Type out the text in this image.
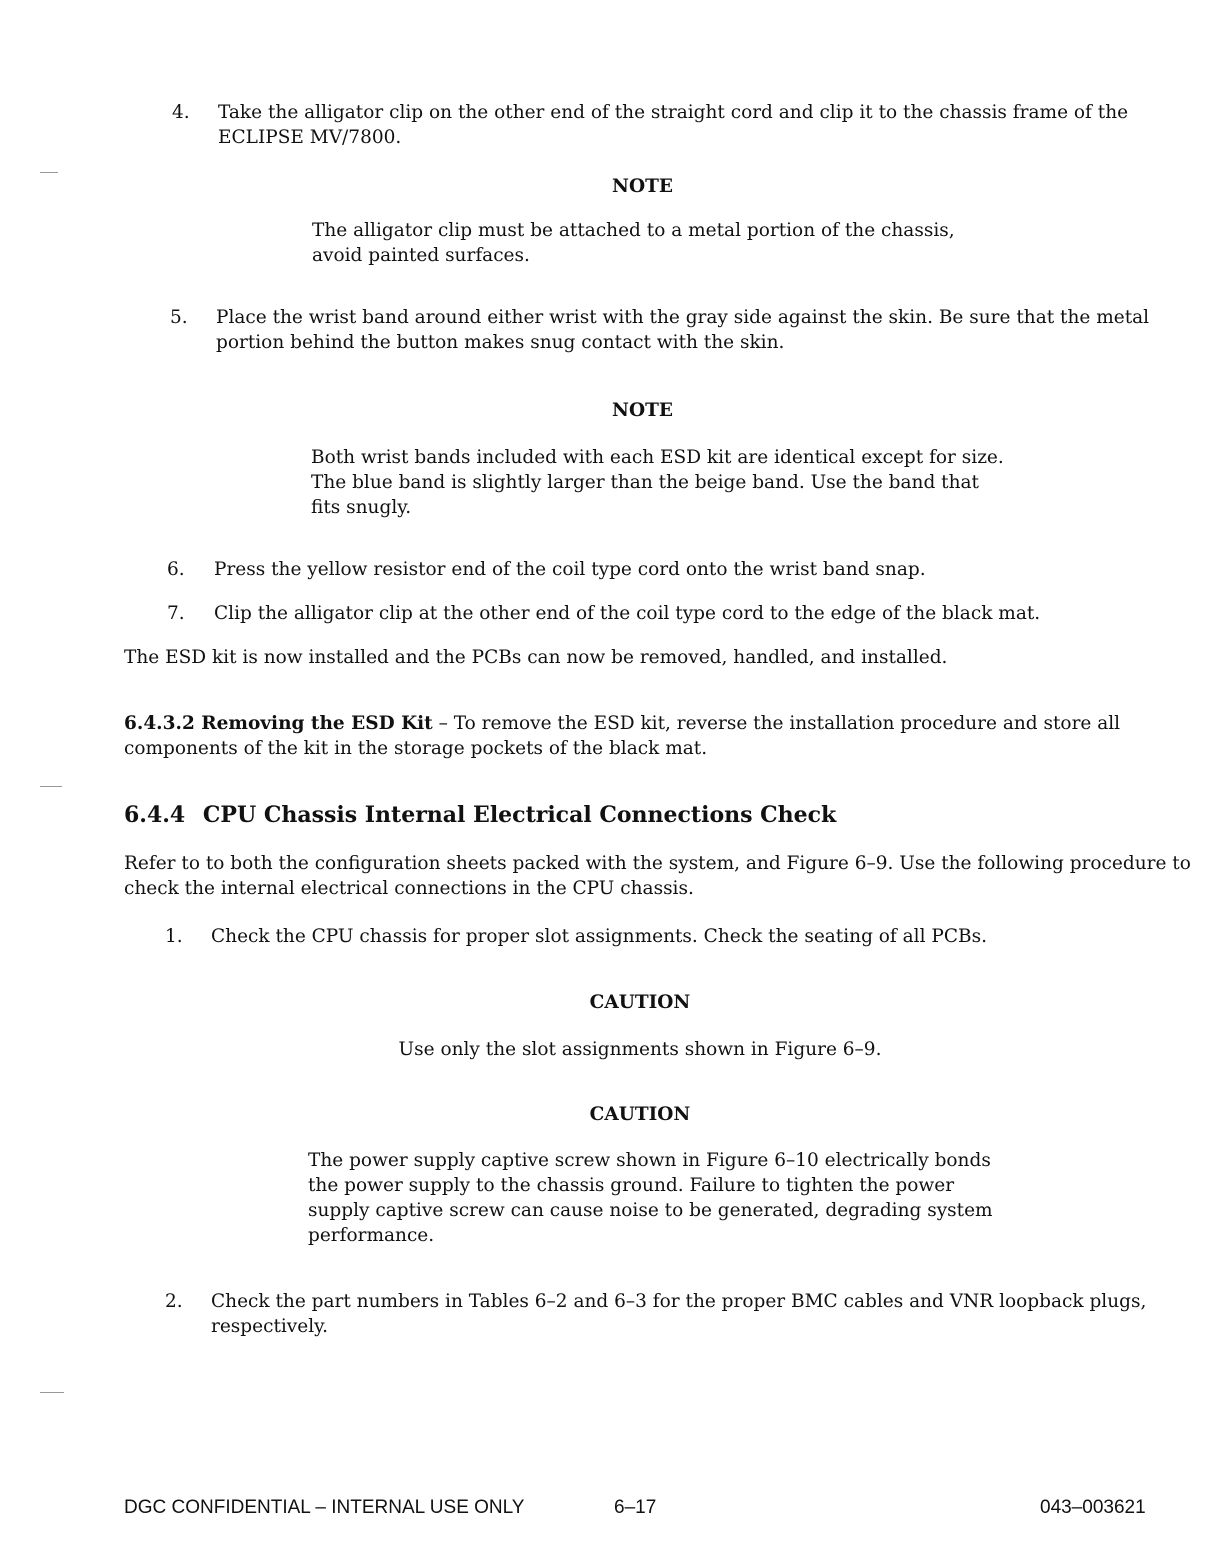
4. Take the alligator clip on the other end of the straight cord and clip it to the chassis frame of the
ECLIPSE MV/7800.
NOTE
The alligator clip must be attached to a metal portion of the chassis,
avoid painted surfaces.
5. Place the wrist band around either wrist with the gray side against the skin. Be sure that the metal
portion behind the button makes snug contact with the skin.
NOTE
Both wrist bands included with each ESD kit are identical except for size.
The blue band is slightly larger than the beige band. Use the band that
fits snugly.
6. Press the yellow resistor end of the coil type cord onto the wrist band snap.
7. Clip the alligator clip at the other end of the coil type cord to the edge of the black mat.
The ESD kit is now installed and the PCBs can now be removed, handled, and installed.
6.4.3.2 Removing the ESD Kit – To remove the ESD kit, reverse the installation procedure and store all
components of the kit in the storage pockets of the black mat.
6.4.4 CPU Chassis Internal Electrical Connections Check
Refer to to both the configuration sheets packed with the system, and Figure 6–9. Use the following procedure to
check the internal electrical connections in the CPU chassis.
1. Check the CPU chassis for proper slot assignments. Check the seating of all PCBs.
CAUTION
Use only the slot assignments shown in Figure 6–9.
CAUTION
The power supply captive screw shown in Figure 6–10 electrically bonds
the power supply to the chassis ground. Failure to tighten the power
supply captive screw can cause noise to be generated, degrading system
performance.
2. Check the part numbers in Tables 6–2 and 6–3 for the proper BMC cables and VNR loopback plugs,
respectively.
DGC CONFIDENTIAL – INTERNAL USE ONLY	6–17	043–003621
